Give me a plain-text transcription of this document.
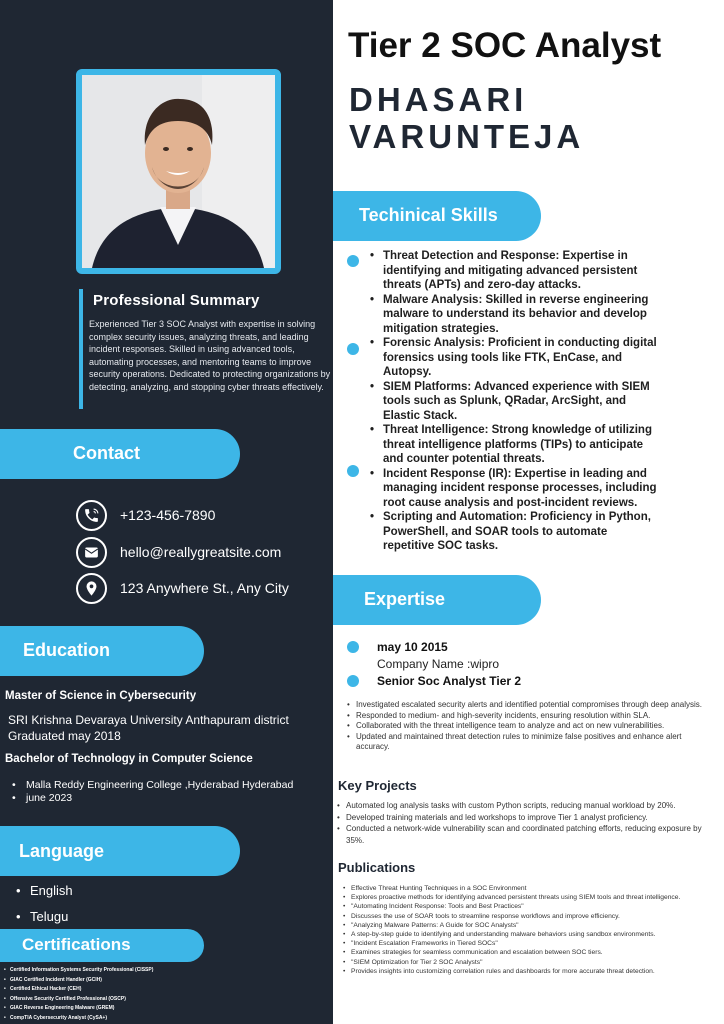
Professional Summary
Experienced Tier 3 SOC Analyst with expertise in solving complex security issues, analyzing threats, and leading incident responses. Skilled in using advanced tools, automating processes, and mentoring teams to improve security operations. Dedicated to protecting organizations by detecting, analyzing, and stopping cyber threats effectively.
Contact
+123-456-7890
hello@reallygreatsite.com
123 Anywhere St., Any City
Education
Master of Science in Cybersecurity
SRI Krishna Devaraya University Anthapuram district Graduated may 2018
Bachelor of Technology in Computer Science
• Malla Reddy Engineering College ,Hyderabad Hyderabad
• june 2023
Language
• English
• Telugu
Certifications
• Certified Information Systems Security Professional (CISSP)
• GIAC Certified Incident Handler (GCIH)
• Certified Ethical Hacker (CEH)
• Offensive Security Certified Professional (OSCP)
• GIAC Reverse Engineering Malware (GREM)
• CompTIA Cybersecurity Analyst (CySA+)
Tier 2 SOC Analyst
DHASARI
VARUNTEJA
Techinical Skills
• Threat Detection and Response: Expertise in identifying and mitigating advanced persistent threats (APTs) and zero-day attacks.
• Malware Analysis: Skilled in reverse engineering malware to understand its behavior and develop mitigation strategies.
• Forensic Analysis: Proficient in conducting digital forensics using tools like FTK, EnCase, and Autopsy.
• SIEM Platforms: Advanced experience with SIEM tools such as Splunk, QRadar, ArcSight, and Elastic Stack.
• Threat Intelligence: Strong knowledge of utilizing threat intelligence platforms (TIPs) to anticipate and counter potential threats.
• Incident Response (IR): Expertise in leading and managing incident response processes, including root cause analysis and post-incident reviews.
• Scripting and Automation: Proficiency in Python, PowerShell, and SOAR tools to automate repetitive SOC tasks.
Expertise
may 10 2015
Company Name :wipro
Senior Soc Analyst Tier 2
• Investigated escalated security alerts and identified potential compromises through deep analysis.
• Responded to medium- and high-severity incidents, ensuring resolution within SLA.
• Collaborated with the threat intelligence team to analyze and act on new vulnerabilities.
• Updated and maintained threat detection rules to minimize false positives and enhance alert accuracy.
Key Projects
• Automated log analysis tasks with custom Python scripts, reducing manual workload by 20%.
• Developed training materials and led workshops to improve Tier 1 analyst proficiency.
• Conducted a network-wide vulnerability scan and coordinated patching efforts, reducing exposure by 35%.
Publications
• Effective Threat Hunting Techniques in a SOC Environment
• Explores proactive methods for identifying advanced persistent threats using SIEM tools and threat intelligence.
• "Automating Incident Response: Tools and Best Practices"
• Discusses the use of SOAR tools to streamline response workflows and improve efficiency.
• "Analyzing Malware Patterns: A Guide for SOC Analysts"
• A step-by-step guide to identifying and understanding malware behaviors using sandbox environments.
• "Incident Escalation Frameworks in Tiered SOCs"
• Examines strategies for seamless communication and escalation between SOC tiers.
• "SIEM Optimization for Tier 2 SOC Analysts"
• Provides insights into customizing correlation rules and dashboards for more accurate threat detection.
